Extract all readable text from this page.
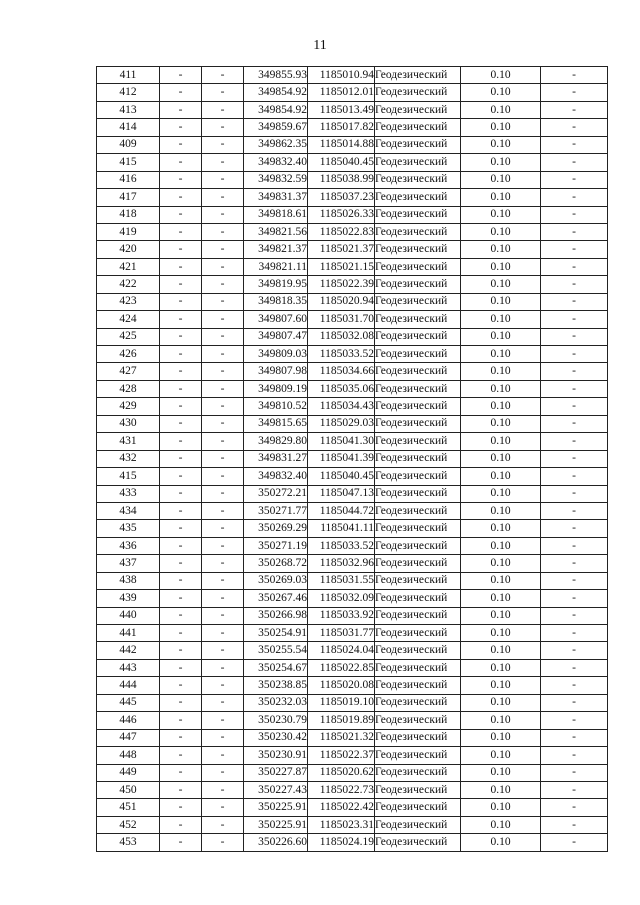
11
411	-	-	349855.93	1185010.94	Геодезический	0.10	-
412	-	-	349854.92	1185012.01	Геодезический	0.10	-
413	-	-	349854.92	1185013.49	Геодезический	0.10	-
414	-	-	349859.67	1185017.82	Геодезический	0.10	-
409	-	-	349862.35	1185014.88	Геодезический	0.10	-
415	-	-	349832.40	1185040.45	Геодезический	0.10	-
416	-	-	349832.59	1185038.99	Геодезический	0.10	-
417	-	-	349831.37	1185037.23	Геодезический	0.10	-
418	-	-	349818.61	1185026.33	Геодезический	0.10	-
419	-	-	349821.56	1185022.83	Геодезический	0.10	-
420	-	-	349821.37	1185021.37	Геодезический	0.10	-
421	-	-	349821.11	1185021.15	Геодезический	0.10	-
422	-	-	349819.95	1185022.39	Геодезический	0.10	-
423	-	-	349818.35	1185020.94	Геодезический	0.10	-
424	-	-	349807.60	1185031.70	Геодезический	0.10	-
425	-	-	349807.47	1185032.08	Геодезический	0.10	-
426	-	-	349809.03	1185033.52	Геодезический	0.10	-
427	-	-	349807.98	1185034.66	Геодезический	0.10	-
428	-	-	349809.19	1185035.06	Геодезический	0.10	-
429	-	-	349810.52	1185034.43	Геодезический	0.10	-
430	-	-	349815.65	1185029.03	Геодезический	0.10	-
431	-	-	349829.80	1185041.30	Геодезический	0.10	-
432	-	-	349831.27	1185041.39	Геодезический	0.10	-
415	-	-	349832.40	1185040.45	Геодезический	0.10	-
433	-	-	350272.21	1185047.13	Геодезический	0.10	-
434	-	-	350271.77	1185044.72	Геодезический	0.10	-
435	-	-	350269.29	1185041.11	Геодезический	0.10	-
436	-	-	350271.19	1185033.52	Геодезический	0.10	-
437	-	-	350268.72	1185032.96	Геодезический	0.10	-
438	-	-	350269.03	1185031.55	Геодезический	0.10	-
439	-	-	350267.46	1185032.09	Геодезический	0.10	-
440	-	-	350266.98	1185033.92	Геодезический	0.10	-
441	-	-	350254.91	1185031.77	Геодезический	0.10	-
442	-	-	350255.54	1185024.04	Геодезический	0.10	-
443	-	-	350254.67	1185022.85	Геодезический	0.10	-
444	-	-	350238.85	1185020.08	Геодезический	0.10	-
445	-	-	350232.03	1185019.10	Геодезический	0.10	-
446	-	-	350230.79	1185019.89	Геодезический	0.10	-
447	-	-	350230.42	1185021.32	Геодезический	0.10	-
448	-	-	350230.91	1185022.37	Геодезический	0.10	-
449	-	-	350227.87	1185020.62	Геодезический	0.10	-
450	-	-	350227.43	1185022.73	Геодезический	0.10	-
451	-	-	350225.91	1185022.42	Геодезический	0.10	-
452	-	-	350225.91	1185023.31	Геодезический	0.10	-
453	-	-	350226.60	1185024.19	Геодезический	0.10	-
